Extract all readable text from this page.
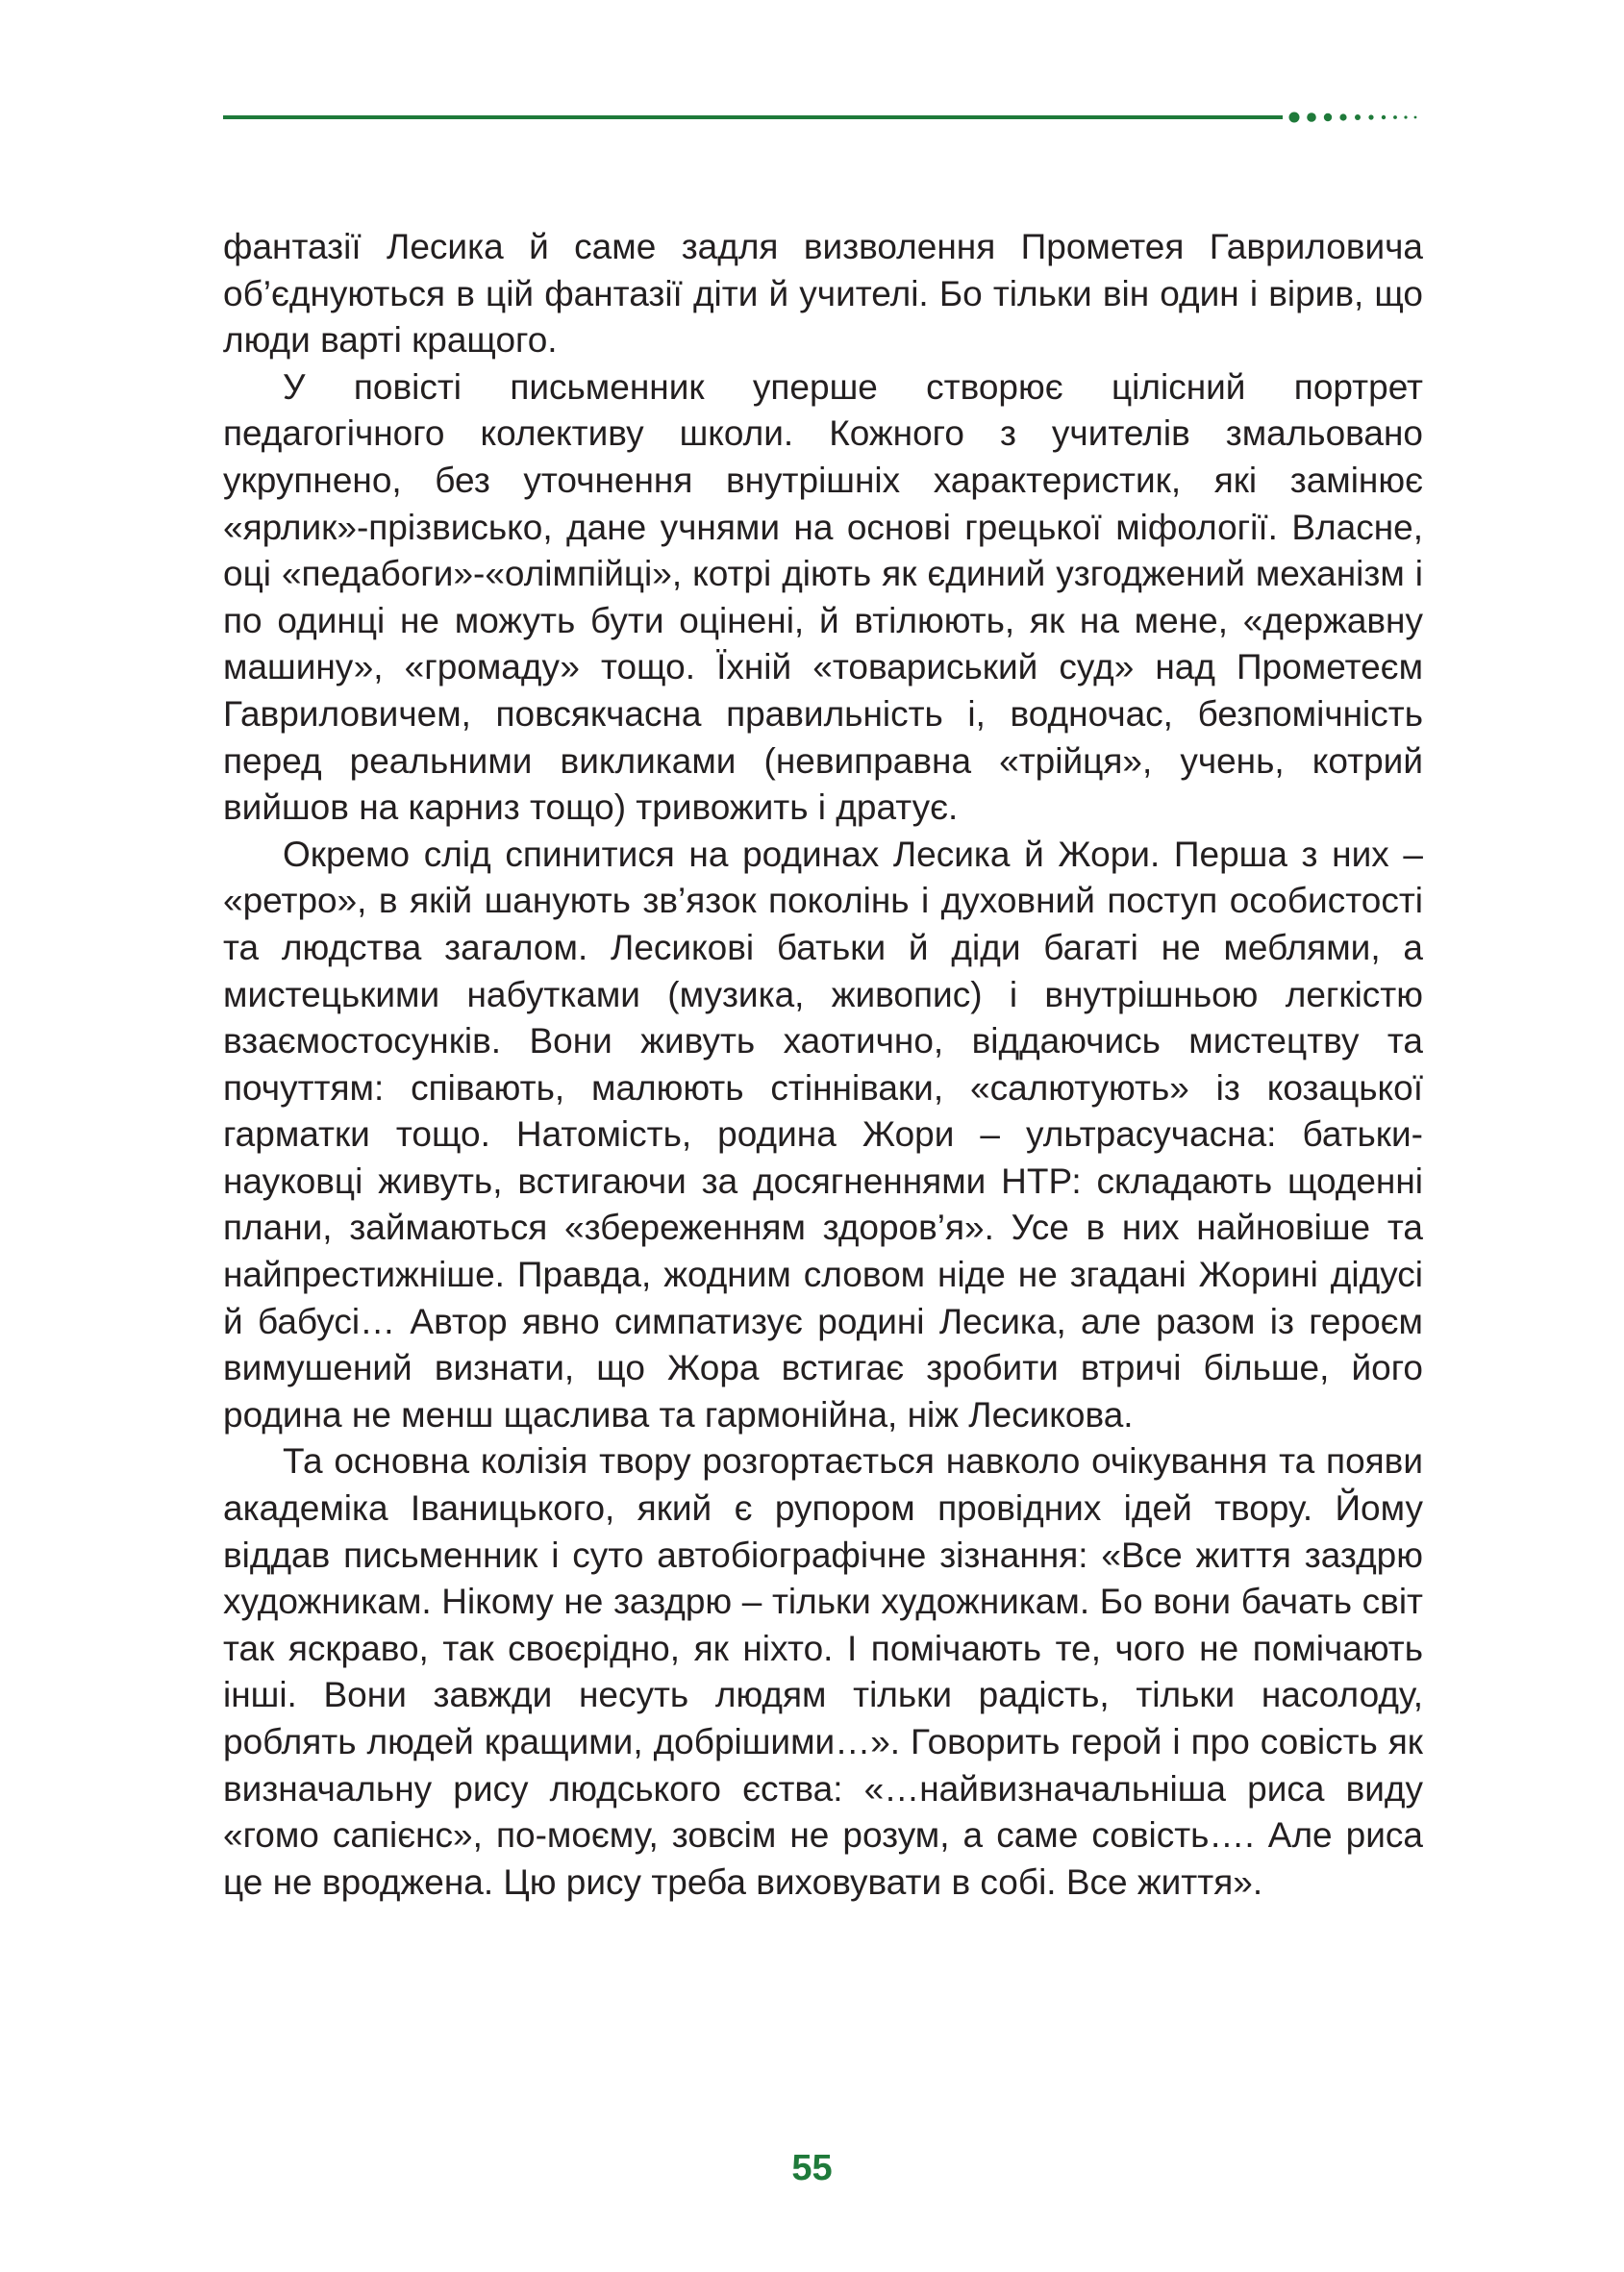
фантазії Лесика й саме задля визволення Прометея Гавриловича об’єднуються в цій фантазії діти й учителі. Бо тільки він один і вірив, що люди варті кращого.

У повісті письменник уперше створює цілісний портрет педагогічного колективу школи. Кожного з учителів змальовано укрупнено, без уточнення внутрішніх характеристик, які замінює «ярлик»-прізвисько, дане учнями на основі грецької міфології. Власне, оці «педабоги»-«олімпійці», котрі діють як єдиний узгоджений механізм і по одинці не можуть бути оцінені, й втілюють, як на мене, «державну машину», «громаду» тощо. Їхній «товариський суд» над Прометеєм Гавриловичем, повсякчасна правильність і, водночас, безпомічність перед реальними викликами (невиправна «трійця», учень, котрий вийшов на карниз тощо) тривожить і дратує.

Окремо слід спинитися на родинах Лесика й Жори. Перша з них – «ретро», в якій шанують зв’язок поколінь і духовний поступ особистості та людства загалом. Лесикові батьки й діди багаті не меблями, а мистецькими набутками (музика, живопис) і внутрішньою легкістю взаємостосунків. Вони живуть хаотично, віддаючись мистецтву та почуттям: співають, малюють стінніваки, «салютують» із козацької гарматки тощо. Натомість, родина Жори – ультрасучасна: батьки-науковці живуть, встигаючи за досягненнями НТР: складають щоденні плани, займаються «збереженням здоров’я». Усе в них найновіше та найпрестижніше. Правда, жодним словом ніде не згадані Жорині дідусі й бабусі… Автор явно симпатизує родині Лесика, але разом із героєм вимушений визнати, що Жора встигає зробити втричі більше, його родина не менш щаслива та гармонійна, ніж Лесикова.

Та основна колізія твору розгортається навколо очікування та появи академіка Іваницького, який є рупором провідних ідей твору. Йому віддав письменник і суто автобіографічне зізнання: «Все життя заздрю художникам. Нікому не заздрю – тільки художникам. Бо вони бачать світ так яскраво, так своєрідно, як ніхто. І помічають те, чого не помічають інші. Вони завжди несуть людям тільки радість, тільки насолоду, роблять людей кращими, добрішими…». Говорить герой і про совість як визначальну рису людського єства: «…найвизначальніша риса виду «гомо сапієнс», по-моєму, зовсім не розум, а саме совість…. Але риса це не вроджена. Цю рису треба виховувати в собі. Все життя».

55
